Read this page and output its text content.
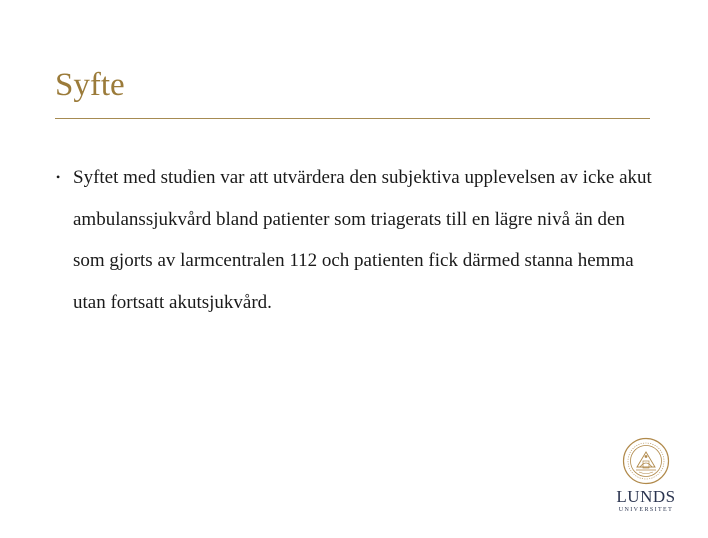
Syfte
• Syftet med studien var att utvärdera den subjektiva upplevelsen av icke akut ambulanssjukvård bland patienter som triagerats till en lägre nivå än den som gjorts av larmcentralen 112 och patienten fick därmed stanna hemma utan fortsatt akutsjukvård.
LUNDS
UNIVERSITET
